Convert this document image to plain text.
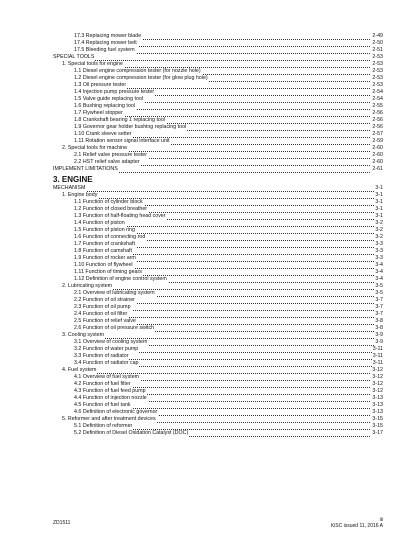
17.3 Replacing mower blade	2-49
17.4 Replacing mower belt	2-50
17.5 Bleeding fuel system	2-51
SPECIAL TOOLS	2-53
1. Special tools for engine	2-53
1.1 Diesel engine compression tester (for nozzle hole)	2-53
1.2 Diesel engine compression tester (for glow plug hole)	2-53
1.3 Oil pressure tester	2-53
1.4 Injection pump pressure tester	2-54
1.5 Valve guide replacing tool	2-54
1.6 Bushing replacing tool	2-55
1.7 Flywheel stopper	2-56
1.8 Crankshaft bearing 1 replacing tool	2-56
1.9 Governor gear holder bushing replacing tool	2-56
1.10 Crank sleeve setter	2-57
1.11 Rotation sensor signal interface unit	2-59
2. Special tools for machine	2-60
2.1 Relief valve pressure tester	2-60
2.2 HST relief valve adapter	2-60
IMPLEMENT LIMITATIONS	2-61
3. ENGINE
MECHANISM	3-1
1. Engine body	3-1
1.1 Function of cylinder block	3-1
1.2 Function of closed breather	3-1
1.3 Function of half-floating head cover	3-1
1.4 Function of piston	3-2
1.5 Function of piston ring	3-2
1.6 Function of connecting rod	3-2
1.7 Function of crankshaft	3-3
1.8 Function of camshaft	3-3
1.9 Function of rocker arm	3-3
1.10 Function of flywheel	3-4
1.11 Function of timing gears	3-4
1.12 Definition of engine control system	3-4
2. Lubricating system	3-5
2.1 Overview of lubricating system	3-5
2.2 Function of oil strainer	3-7
2.3 Function of oil pump	3-7
2.4 Function of oil filter	3-7
2.5 Function of relief valve	3-8
2.6 Function of oil pressure switch	3-8
3. Cooling system	3-9
3.1 Overview of cooling system	3-9
3.2 Function of water pump	3-11
3.3 Function of radiator	3-11
3.4 Function of radiator cap	3-11
4. Fuel system	3-12
4.1 Overview of fuel system	3-12
4.2 Function of fuel filter	3-12
4.3 Function of fuel feed pump	3-12
4.4 Function of injection nozzle	3-13
4.5 Function of fuel tank	3-13
4.6 Definition of electronic governor	3-13
5. Reformer and after treatment devices	3-15
5.1 Definition of reformer	3-15
5.2 Definition of Diesel Oxidation Catalyst (DOC)	3-17
ZD1511	iii
KiSC issued 11, 2016 A
